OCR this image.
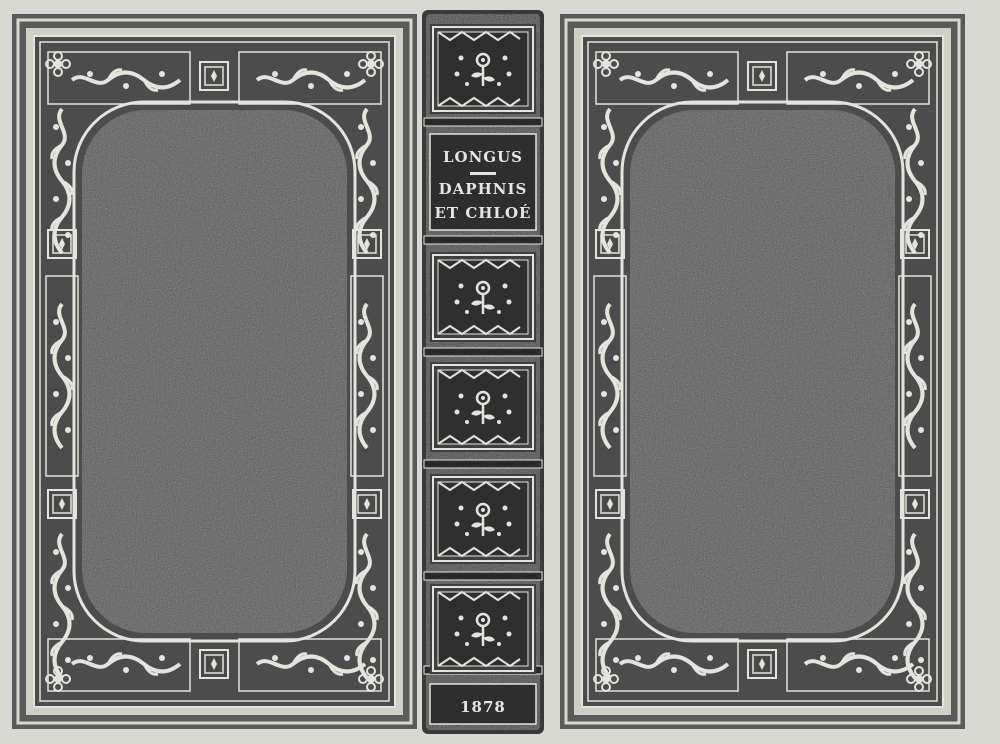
LONGUS
DAPHNIS
ET CHLOÉ
1878
